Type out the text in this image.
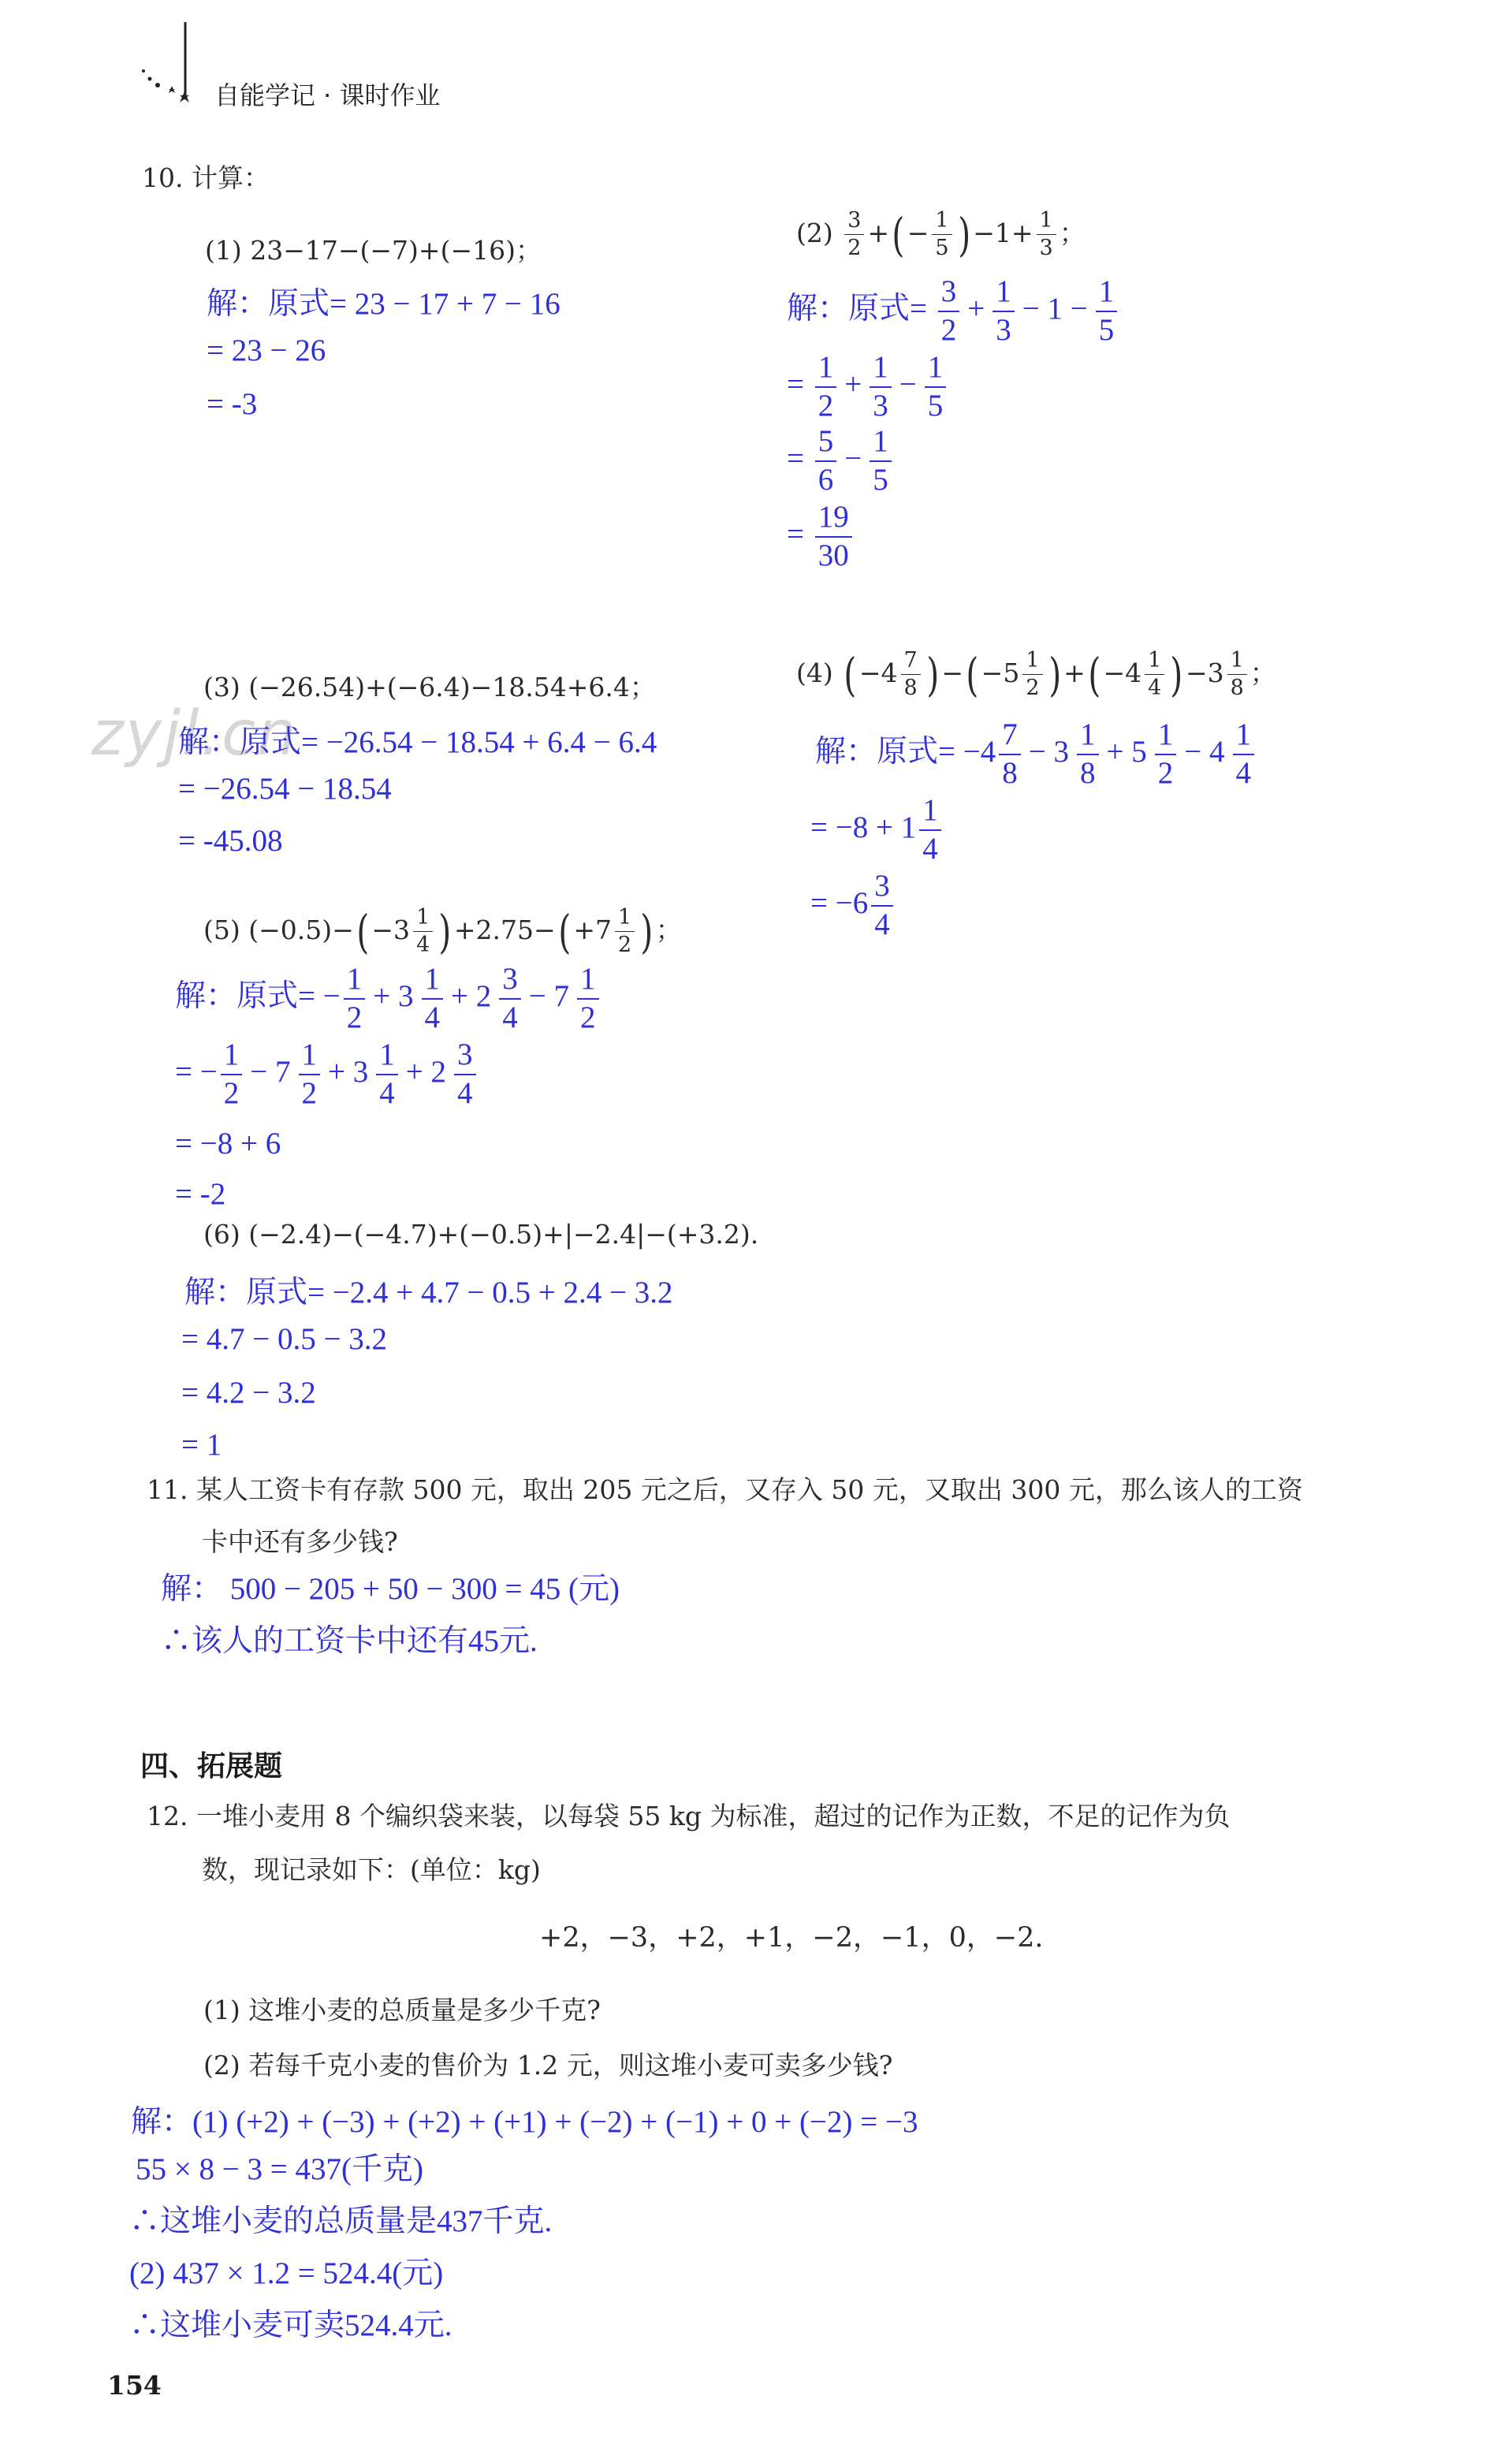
自能学记 · 课时作业
zyjl.cn
10. 计算：
(1) 23−17−(−7)+(−16)；
解：原式= 23 − 17 + 7 − 16
= 23 − 26
= -3
$(2) \frac{3}{2}$ +( − $\frac{1}{5}$ ) $-1+ \frac{1}{3}$ ；
解：原式= $\frac{3}{2} + \frac{1}{3} - 1 - \frac{1}{5}$
= $\frac{1}{2} + \frac{1}{3} - \frac{1}{5}$
= $\frac{5}{6} - \frac{1}{5}$
= $\frac{19}{30}$
(3) (−26.54)+(−6.4)−18.54+6.4；
解：原式= −26.54 − 18.54 + 6.4 − 6.4
= −26.54 − 18.54
= -45.08
(4) ( $-4 \frac{7}{8}$ ) −( $-5 \frac{1}{2}$ ) +( $-4 \frac{1}{4}$ ) $-3 \frac{1}{8}$ ；
解：原式= $-4 \frac{7}{8} - 3 \frac{1}{8} + 5 \frac{1}{2} - 4 \frac{1}{4}$
= $-8 + 1 \frac{1}{4}$
= $-6 \frac{3}{4}$
(5) $(-0.5)-( -3 \frac{1}{4}$ ) $+2.75-( +7 \frac{1}{2}$ ) ；
解：原式= − $\frac{1}{2} + 3 \frac{1}{4} + 2 \frac{3}{4} - 7 \frac{1}{2}$
= − $\frac{1}{2} - 7 \frac{1}{2} + 3 \frac{1}{4} + 2 \frac{3}{4}$
= −8 + 6
= -2
(6) (−2.4)−(−4.7)+(−0.5)+|−2.4|−(+3.2).
解：原式= −2.4 + 4.7 − 0.5 + 2.4 − 3.2
= 4.7 − 0.5 − 3.2
= 4.2 − 3.2
= 1
11. 某人工资卡有存款 500 元，取出 205 元之后，又存入 50 元，又取出 300 元，那么该人的工资
卡中还有多少钱?
解： 500 − 205 + 50 − 300 = 45 (元)
∴该人的工资卡中还有45元.
四、拓展题
12. 一堆小麦用 8 个编织袋来装，以每袋 55 kg 为标准，超过的记作为正数，不足的记作为负
数，现记录如下：(单位：kg)
+2，−3，+2，+1，−2，−1，0，−2.
(1) 这堆小麦的总质量是多少千克?
(2) 若每千克小麦的售价为 1.2 元，则这堆小麦可卖多少钱?
解：(1) (+2) + (−3) + (+2) + (+1) + (−2) + (−1) + 0 + (−2) = −3
55 × 8 − 3 = 437(千克)
∴这堆小麦的总质量是437千克.
(2) 437 × 1.2 = 524.4(元)
∴这堆小麦可卖524.4元.
154
